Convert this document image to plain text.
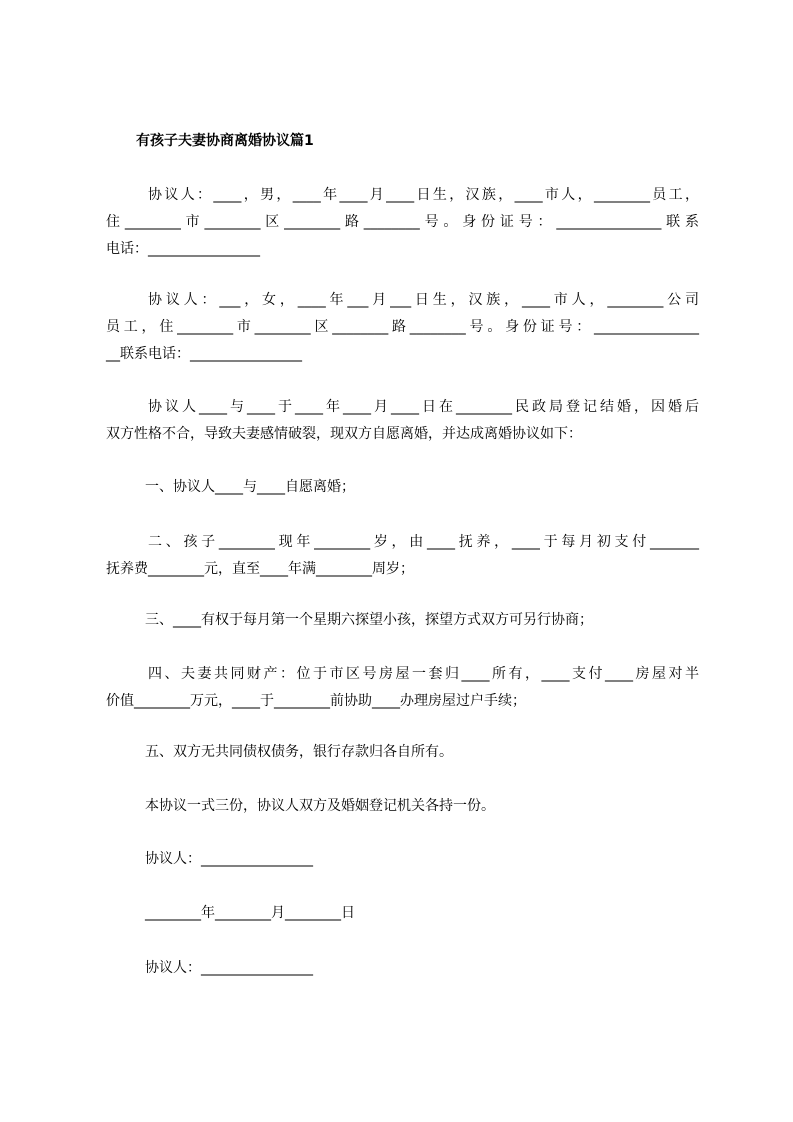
有孩子夫妻协商离婚协议篇1
协议人：____，男，____年____月____日生，汉族，____市人，________员工，
住________市________区________路________号。身份证号：_______________联系
电话：________________
协议人：___，女，____年___月___日生，汉族，____市人，________公司
员工，住________市________区________路________号。身份证号：_______________
__联系电话：________________
协议人____与____于____年____月____日在________民政局登记结婚，因婚后
双方性格不合，导致夫妻感情破裂，现双方自愿离婚，并达成离婚协议如下：
一、协议人____与____自愿离婚；
二、孩子________现年________岁，由____抚养，____于每月初支付_______
抚养费________元，直至____年满________周岁；
三、____有权于每月第一个星期六探望小孩，探望方式双方可另行协商；
四、夫妻共同财产：位于市区号房屋一套归____所有，____支付____房屋对半
价值________万元，____于________前协助____办理房屋过户手续；
五、双方无共同债权债务，银行存款归各自所有。
本协议一式三份，协议人双方及婚姻登记机关各持一份。
协议人：________________
________年________月________日
协议人：________________
